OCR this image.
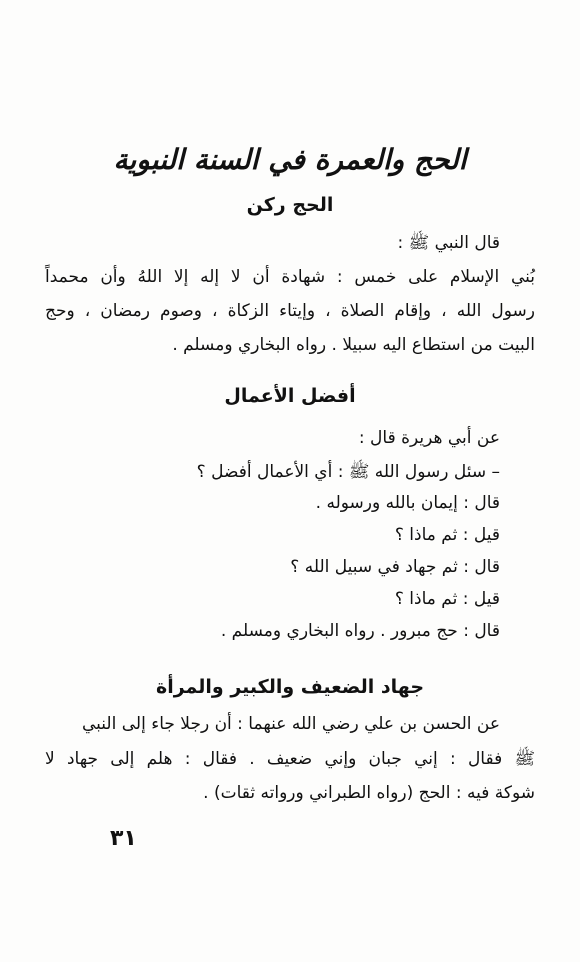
الحج والعمرة في السنة النبوية
الحج ركن
قال النبي ﷺ :
بُني الإسلام على خمس : شهادة أن لا إله إلا اللهُ وأن محمداً
رسول الله ، وإقام الصلاة ، وإيتاء الزكاة ، وصوم رمضان ، وحج
البيت من استطاع اليه سبيلا . رواه البخاري ومسلم .
أفضل الأعمال
عن أبي هريرة قال :
– سئل رسول الله ﷺ : أي الأعمال أفضل ؟
قال : إيمان بالله ورسوله .
قيل : ثم ماذا ؟
قال : ثم جهاد في سبيل الله ؟
قيل : ثم ماذا ؟
قال : حج مبرور . رواه البخاري ومسلم .
جهاد الضعيف والكبير والمرأة
عن الحسن بن علي رضي الله عنهما : أن رجلا جاء إلى النبي
ﷺ فقال : إني جبان وإني ضعيف . فقال : هلم إلى جهاد لا
شوكة فيه : الحج (رواه الطبراني ورواته ثقات) .
٣١
